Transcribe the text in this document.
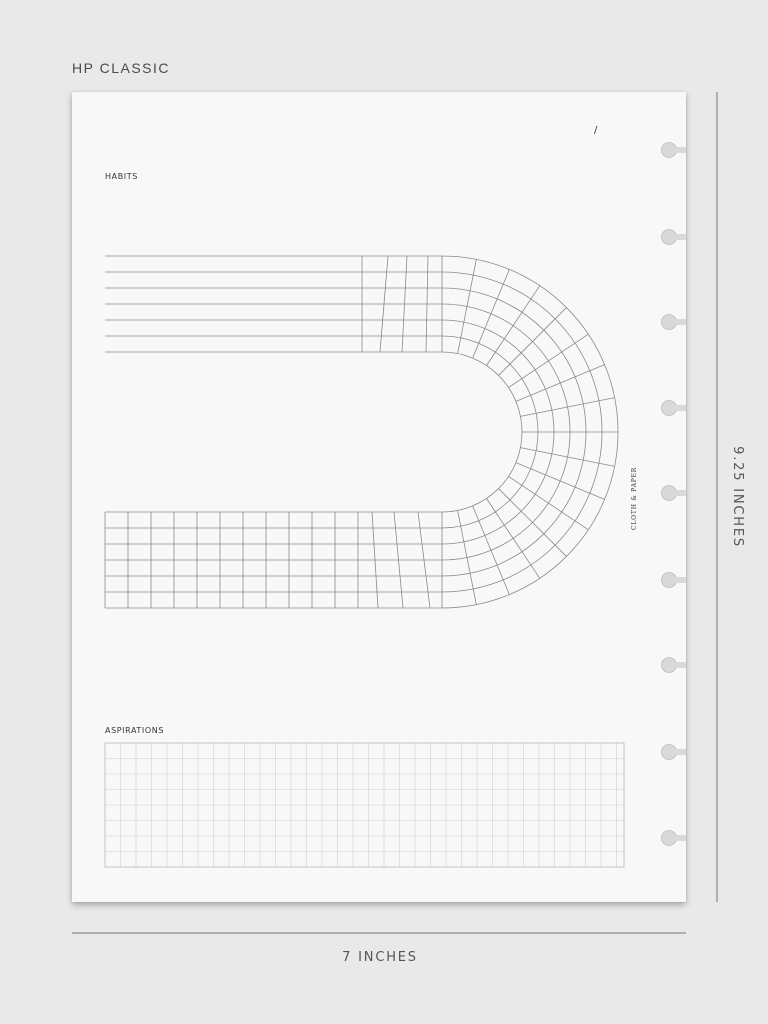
HP CLASSIC
/
HABITS
ASPIRATIONS
CLOTH & PAPER
7 INCHES
9.25 INCHES
